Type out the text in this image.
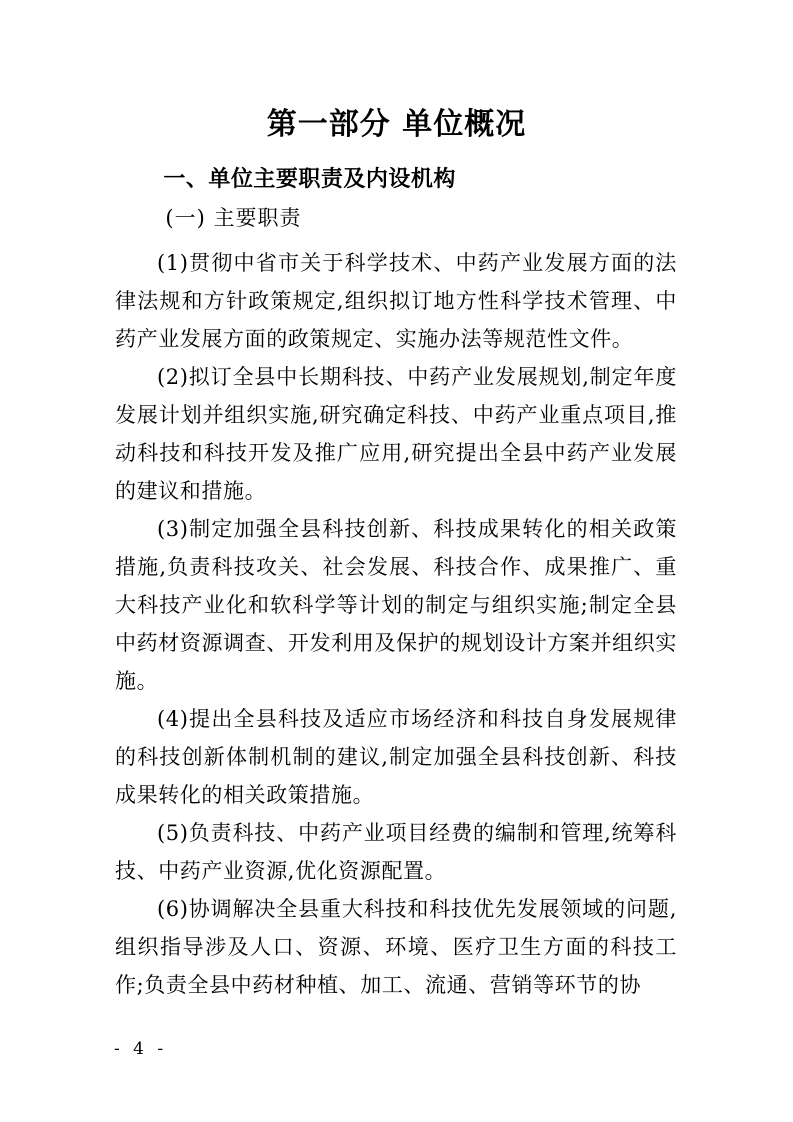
第一部分 单位概况
一、单位主要职责及内设机构
(一) 主要职责

(1)贯彻中省市关于科学技术、中药产业发展方面的法律法规和方针政策规定,组织拟订地方性科学技术管理、中药产业发展方面的政策规定、实施办法等规范性文件。

(2)拟订全县中长期科技、中药产业发展规划,制定年度发展计划并组织实施,研究确定科技、中药产业重点项目,推动科技和科技开发及推广应用,研究提出全县中药产业发展的建议和措施。

(3)制定加强全县科技创新、科技成果转化的相关政策措施,负责科技攻关、社会发展、科技合作、成果推广、重大科技产业化和软科学等计划的制定与组织实施;制定全县中药材资源调查、开发利用及保护的规划设计方案并组织实施。

(4)提出全县科技及适应市场经济和科技自身发展规律的科技创新体制机制的建议,制定加强全县科技创新、科技成果转化的相关政策措施。

(5)负责科技、中药产业项目经费的编制和管理,统筹科技、中药产业资源,优化资源配置。

(6)协调解决全县重大科技和科技优先发展领域的问题,组织指导涉及人口、资源、环境、医疗卫生方面的科技工作;负责全县中药材种植、加工、流通、营销等环节的协

- 4 -
